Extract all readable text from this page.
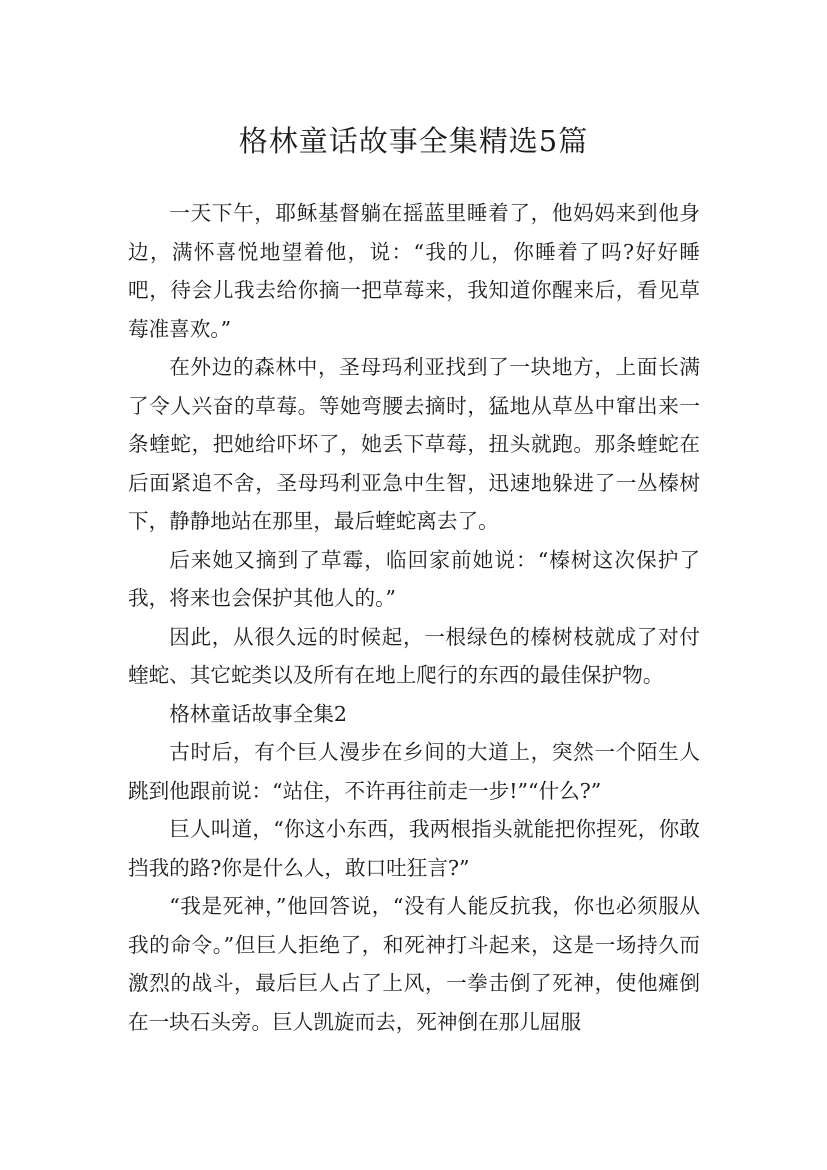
格林童话故事全集精选5篇

一天下午，耶稣基督躺在摇蓝里睡着了，他妈妈来到他身边，满怀喜悦地望着他，说：“我的儿，你睡着了吗?好好睡吧，待会儿我去给你摘一把草莓来，我知道你醒来后，看见草莓准喜欢。”

在外边的森林中，圣母玛利亚找到了一块地方，上面长满了令人兴奋的草莓。等她弯腰去摘时，猛地从草丛中窜出来一条蝰蛇，把她给吓坏了，她丢下草莓，扭头就跑。那条蝰蛇在后面紧追不舍，圣母玛利亚急中生智，迅速地躲进了一丛榛树下，静静地站在那里，最后蝰蛇离去了。

后来她又摘到了草霉，临回家前她说：“榛树这次保护了我，将来也会保护其他人的。”

因此，从很久远的时候起，一根绿色的榛树枝就成了对付蝰蛇、其它蛇类以及所有在地上爬行的东西的最佳保护物。

格林童话故事全集2

古时后，有个巨人漫步在乡间的大道上，突然一个陌生人跳到他跟前说：“站住，不许再往前走一步!”“什么?”

巨人叫道，“你这小东西，我两根指头就能把你捏死，你敢挡我的路?你是什么人，敢口吐狂言?”

“我是死神，”他回答说，“没有人能反抗我，你也必须服从我的命令。”但巨人拒绝了，和死神打斗起来，这是一场持久而激烈的战斗，最后巨人占了上风，一拳击倒了死神，使他瘫倒在一块石头旁。巨人凯旋而去，死神倒在那儿屈服
